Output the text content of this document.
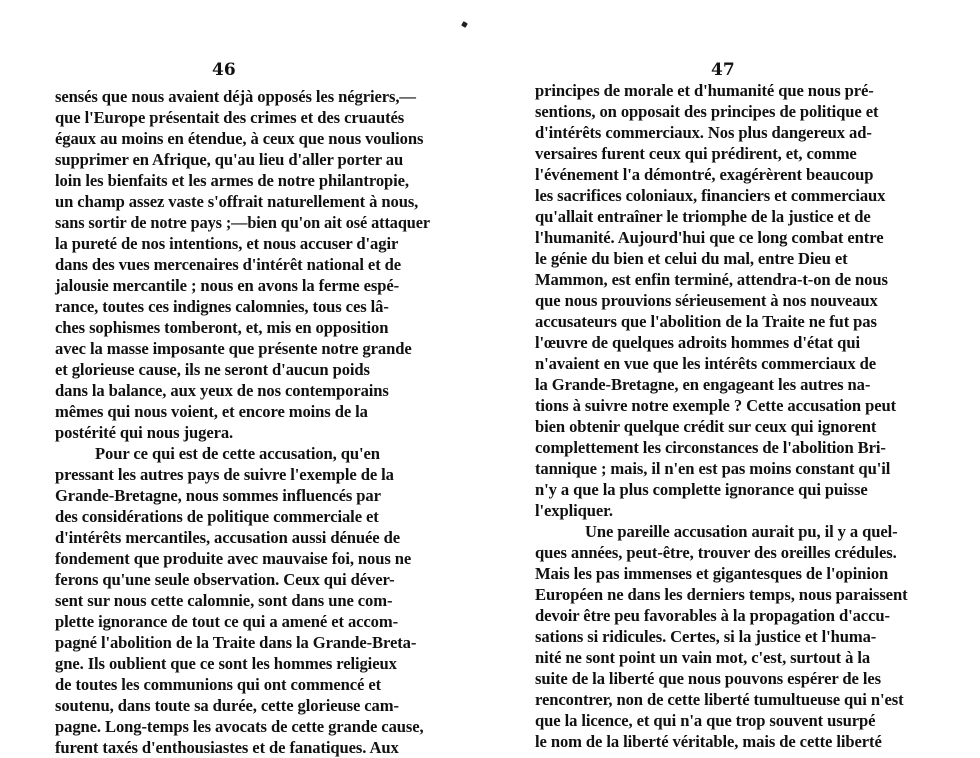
46
sensés que nous avaient déjà opposés les négriers,—
que l'Europe présentait des crimes et des cruautés
égaux au moins en étendue, à ceux que nous voulions
supprimer en Afrique, qu'au lieu d'aller porter au
loin les bienfaits et les armes de notre philantropie,
un champ assez vaste s'offrait naturellement à nous,
sans sortir de notre pays ;—bien qu'on ait osé attaquer
la pureté de nos intentions, et nous accuser d'agir
dans des vues mercenaires d'intérêt national et de
jalousie mercantile ; nous en avons la ferme espé-
rance, toutes ces indignes calomnies, tous ces lâ-
ches sophismes tomberont, et, mis en opposition
avec la masse imposante que présente notre grande
et glorieuse cause, ils ne seront d'aucun poids
dans la balance, aux yeux de nos contemporains
mêmes qui nous voient, et encore moins de la
postérité qui nous jugera.
Pour ce qui est de cette accusation, qu'en
pressant les autres pays de suivre l'exemple de la
Grande-Bretagne, nous sommes influencés par
des considérations de politique commerciale et
d'intérêts mercantiles, accusation aussi dénuée de
fondement que produite avec mauvaise foi, nous ne
ferons qu'une seule observation. Ceux qui déver-
sent sur nous cette calomnie, sont dans une com-
plette ignorance de tout ce qui a amené et accom-
pagné l'abolition de la Traite dans la Grande-Breta-
gne. Ils oublient que ce sont les hommes religieux
de toutes les communions qui ont commencé et
soutenu, dans toute sa durée, cette glorieuse cam-
pagne. Long-temps les avocats de cette grande cause,
furent taxés d'enthousiastes et de fanatiques. Aux
47
principes de morale et d'humanité que nous pré-
sentions, on opposait des principes de politique et
d'intérêts commerciaux. Nos plus dangereux ad-
versaires furent ceux qui prédirent, et, comme
l'événement l'a démontré, exagérèrent beaucoup
les sacrifices coloniaux, financiers et commerciaux
qu'allait entraîner le triomphe de la justice et de
l'humanité. Aujourd'hui que ce long combat entre
le génie du bien et celui du mal, entre Dieu et
Mammon, est enfin terminé, attendra-t-on de nous
que nous prouvions sérieusement à nos nouveaux
accusateurs que l'abolition de la Traite ne fut pas
l'œuvre de quelques adroits hommes d'état qui
n'avaient en vue que les intérêts commerciaux de
la Grande-Bretagne, en engageant les autres na-
tions à suivre notre exemple ? Cette accusation peut
bien obtenir quelque crédit sur ceux qui ignorent
complettement les circonstances de l'abolition Bri-
tannique ; mais, il n'en est pas moins constant qu'il
n'y a que la plus complette ignorance qui puisse
l'expliquer.
Une pareille accusation aurait pu, il y a quel-
ques années, peut-être, trouver des oreilles crédules.
Mais les pas immenses et gigantesques de l'opinion
Européen ne dans les derniers temps, nous paraissent
devoir être peu favorables à la propagation d'accu-
sations si ridicules. Certes, si la justice et l'huma-
nité ne sont point un vain mot, c'est, surtout à la
suite de la liberté que nous pouvons espérer de les
rencontrer, non de cette liberté tumultueuse qui n'est
que la licence, et qui n'a que trop souvent usurpé
le nom de la liberté véritable, mais de cette liberté
